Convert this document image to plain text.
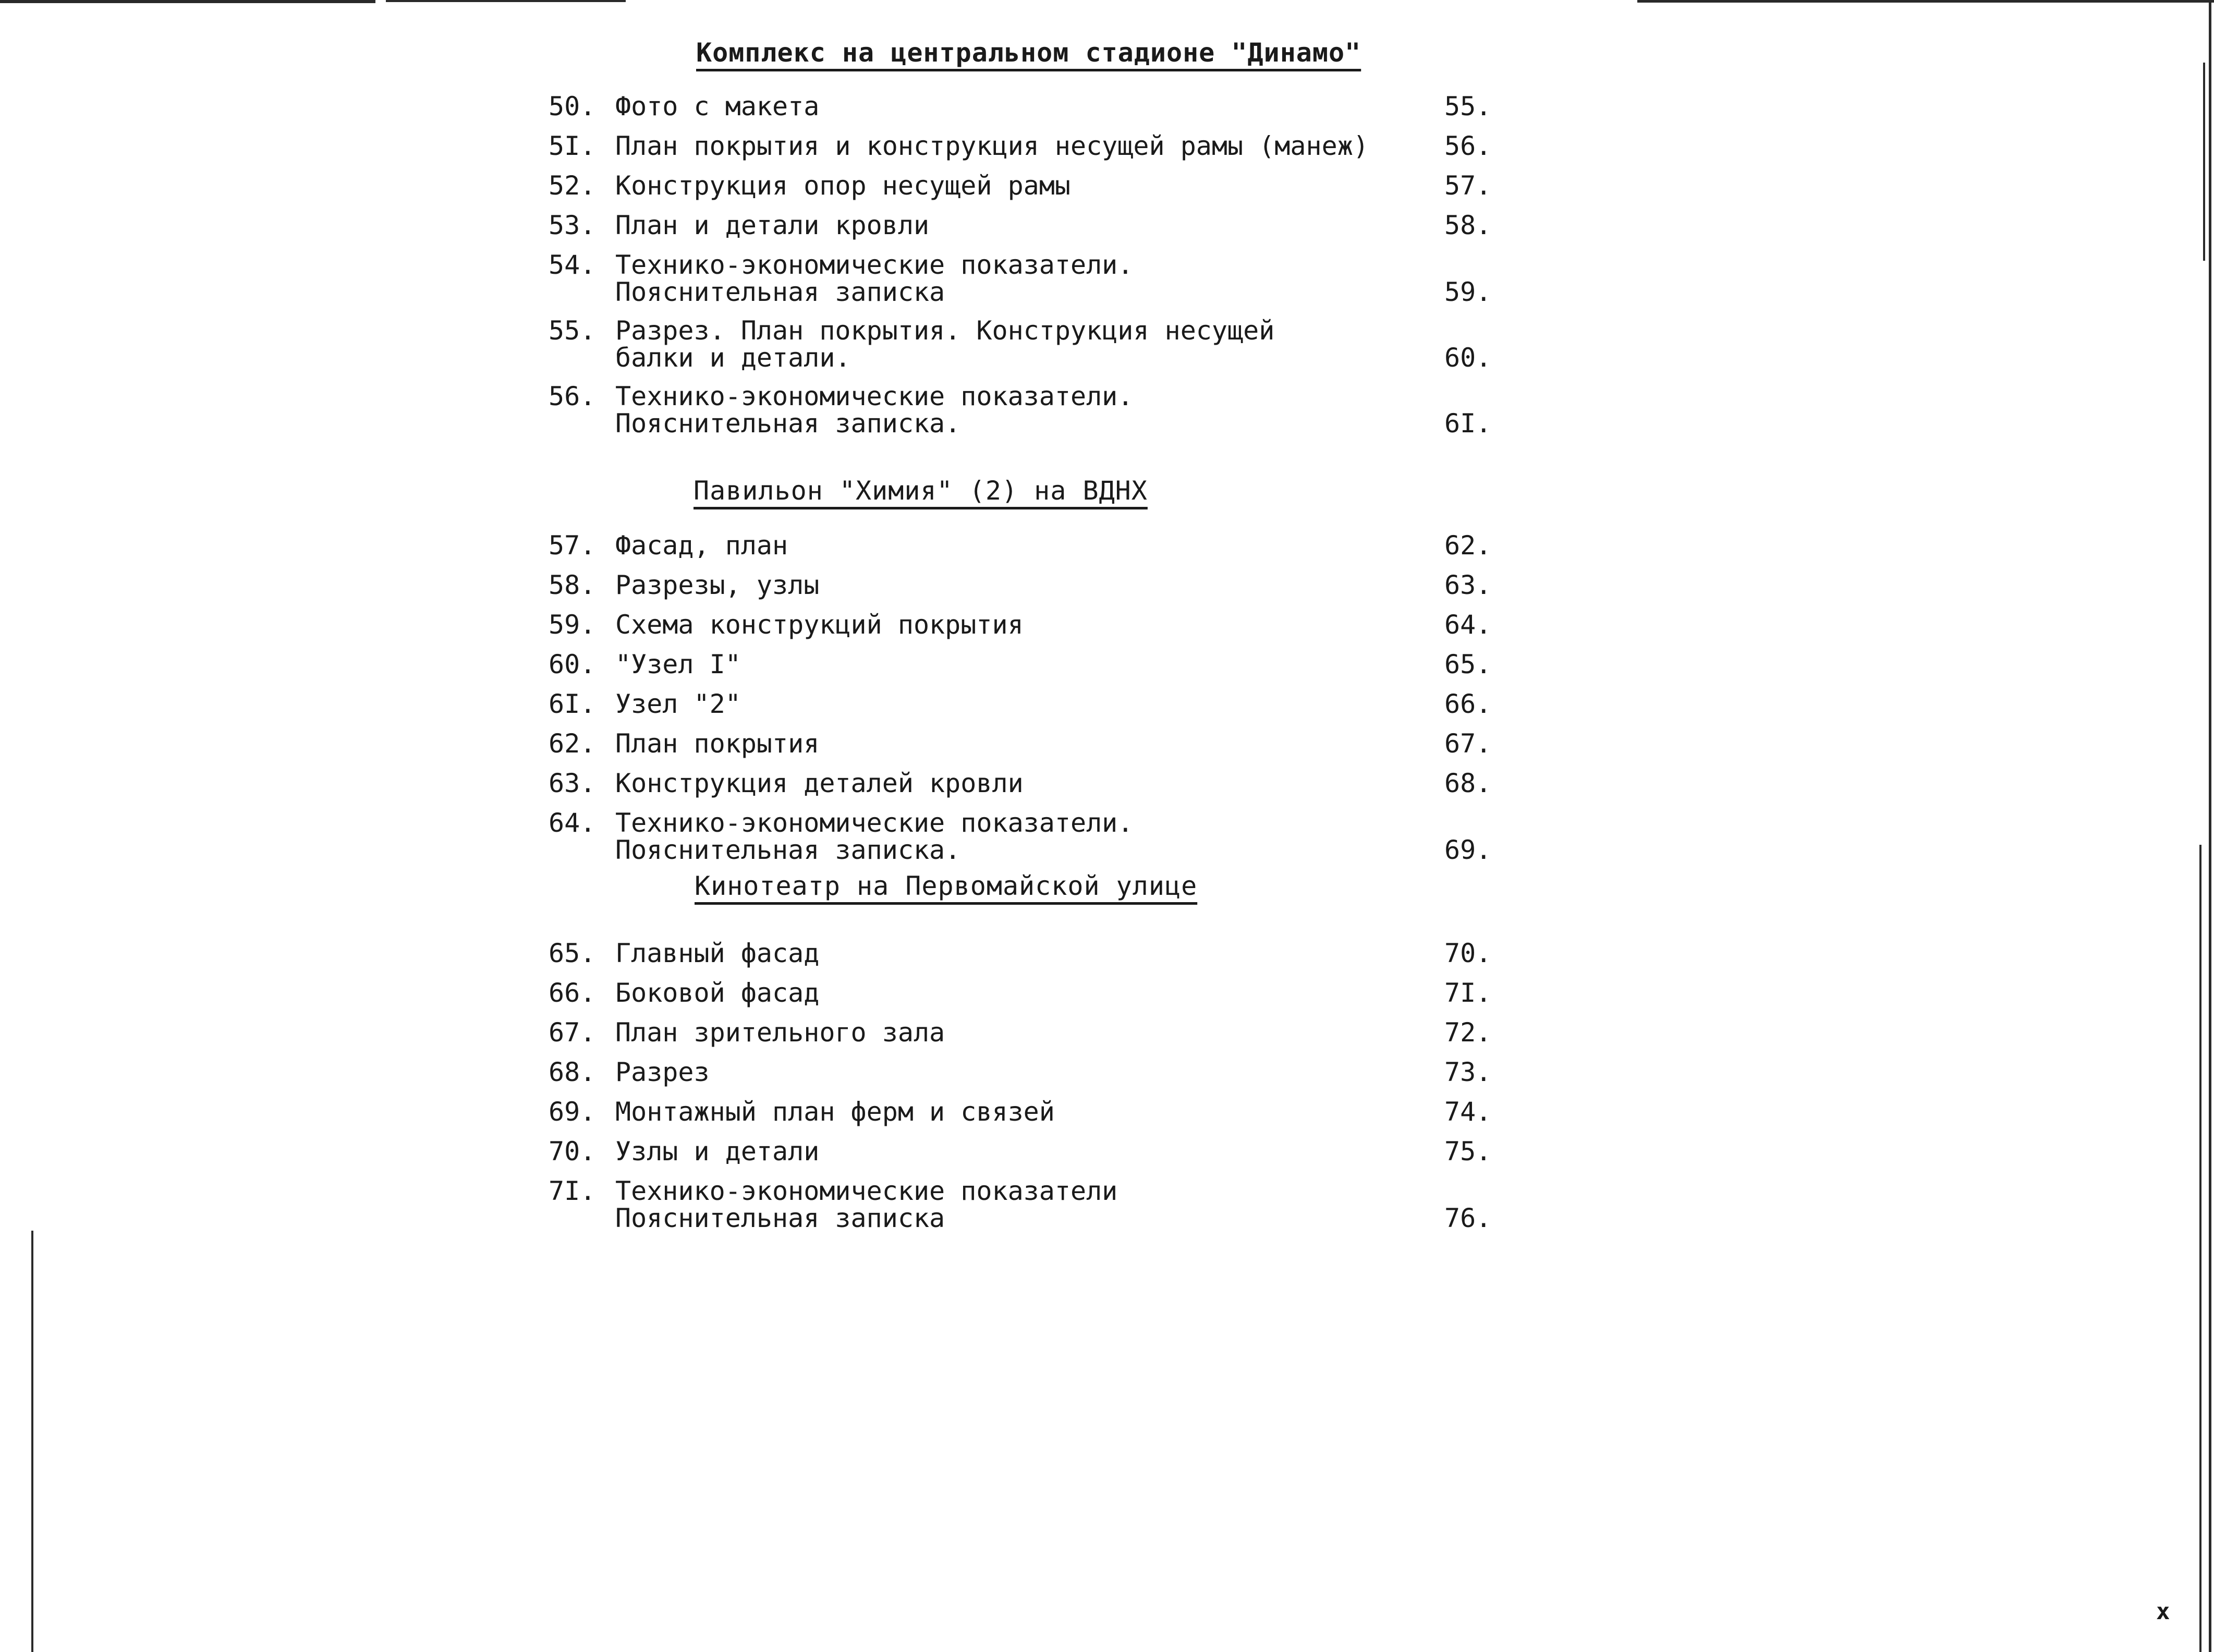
Комплекс на центральном стадионе "Динамо"
50. Фото с макета	55.
5I. План покрытия и конструкция несущей рамы (манеж)	56.
52. Конструкция опор несущей рамы	57.
53. План и детали кровли	58.
54. Технико-экономические показатели.
Пояснительная записка	59.
55. Разрез. План покрытия. Конструкция несущей
балки и детали.	60.
56. Технико-экономические показатели.
Пояснительная записка.	6I.
Павильон "Химия" (2) на ВДНХ
57. Фасад, план	62.
58. Разрезы, узлы	63.
59. Схема конструкций покрытия	64.
60. "Узел I"	65.
6I. Узел "2"	66.
62. План покрытия	67.
63. Конструкция деталей кровли	68.
64. Технико-экономические показатели.
Пояснительная записка.	69.
Кинотеатр на Первомайской улице
65. Главный фасад	70.
66. Боковой фасад	7I.
67. План зрительного зала	72.
68. Разрез	73.
69. Монтажный план ферм и связей	74.
70. Узлы и детали	75.
7I. Технико-экономические показатели
Пояснительная записка	76.
x
